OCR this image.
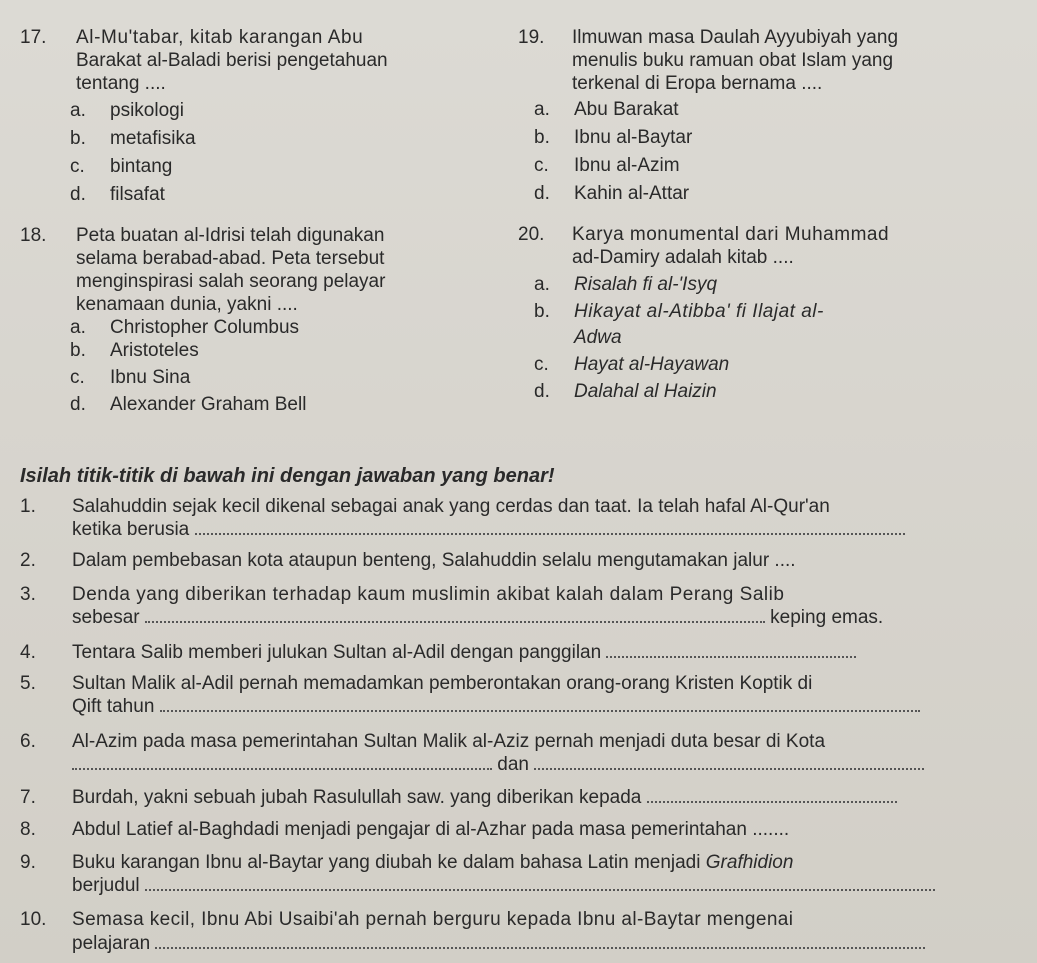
17. Al-Mu'tabar, kitab karangan Abu
Barakat al-Baladi berisi pengetahuan
tentang ....
a. psikologi
b. metafisika
c. bintang
d. filsafat
18. Peta buatan al-Idrisi telah digunakan
selama berabad-abad. Peta tersebut
menginspirasi salah seorang pelayar
kenamaan dunia, yakni ....
a. Christopher Columbus
b. Aristoteles
c. Ibnu Sina
d. Alexander Graham Bell
19. Ilmuwan masa Daulah Ayyubiyah yang
menulis buku ramuan obat Islam yang
terkenal di Eropa bernama ....
a. Abu Barakat
b. Ibnu al-Baytar
c. Ibnu al-Azim
d. Kahin al-Attar
20. Karya monumental dari Muhammad
ad-Damiry adalah kitab ....
a. Risalah fi al-'Isyq
b. Hikayat al-Atibba' fi Ilajat al-
Adwa
c. Hayat al-Hayawan
d. Dalahal al Haizin
Isilah titik-titik di bawah ini dengan jawaban yang benar!
1. Salahuddin sejak kecil dikenal sebagai anak yang cerdas dan taat. Ia telah hafal Al-Qur'an
ketika berusia
2. Dalam pembebasan kota ataupun benteng, Salahuddin selalu mengutamakan jalur ....
3. Denda yang diberikan terhadap kaum muslimin akibat kalah dalam Perang Salib
sebesar	keping emas.
4. Tentara Salib memberi julukan Sultan al-Adil dengan panggilan
5. Sultan Malik al-Adil pernah memadamkan pemberontakan orang-orang Kristen Koptik di
Qift tahun
6. Al-Azim pada masa pemerintahan Sultan Malik al-Aziz pernah menjadi duta besar di Kota
dan
7. Burdah, yakni sebuah jubah Rasulullah saw. yang diberikan kepada
8. Abdul Latief al-Baghdadi menjadi pengajar di al-Azhar pada masa pemerintahan .......
9. Buku karangan Ibnu al-Baytar yang diubah ke dalam bahasa Latin menjadi Grafhidion
berjudul
10. Semasa kecil, Ibnu Abi Usaibi'ah pernah berguru kepada Ibnu al-Baytar mengenai
pelajaran
